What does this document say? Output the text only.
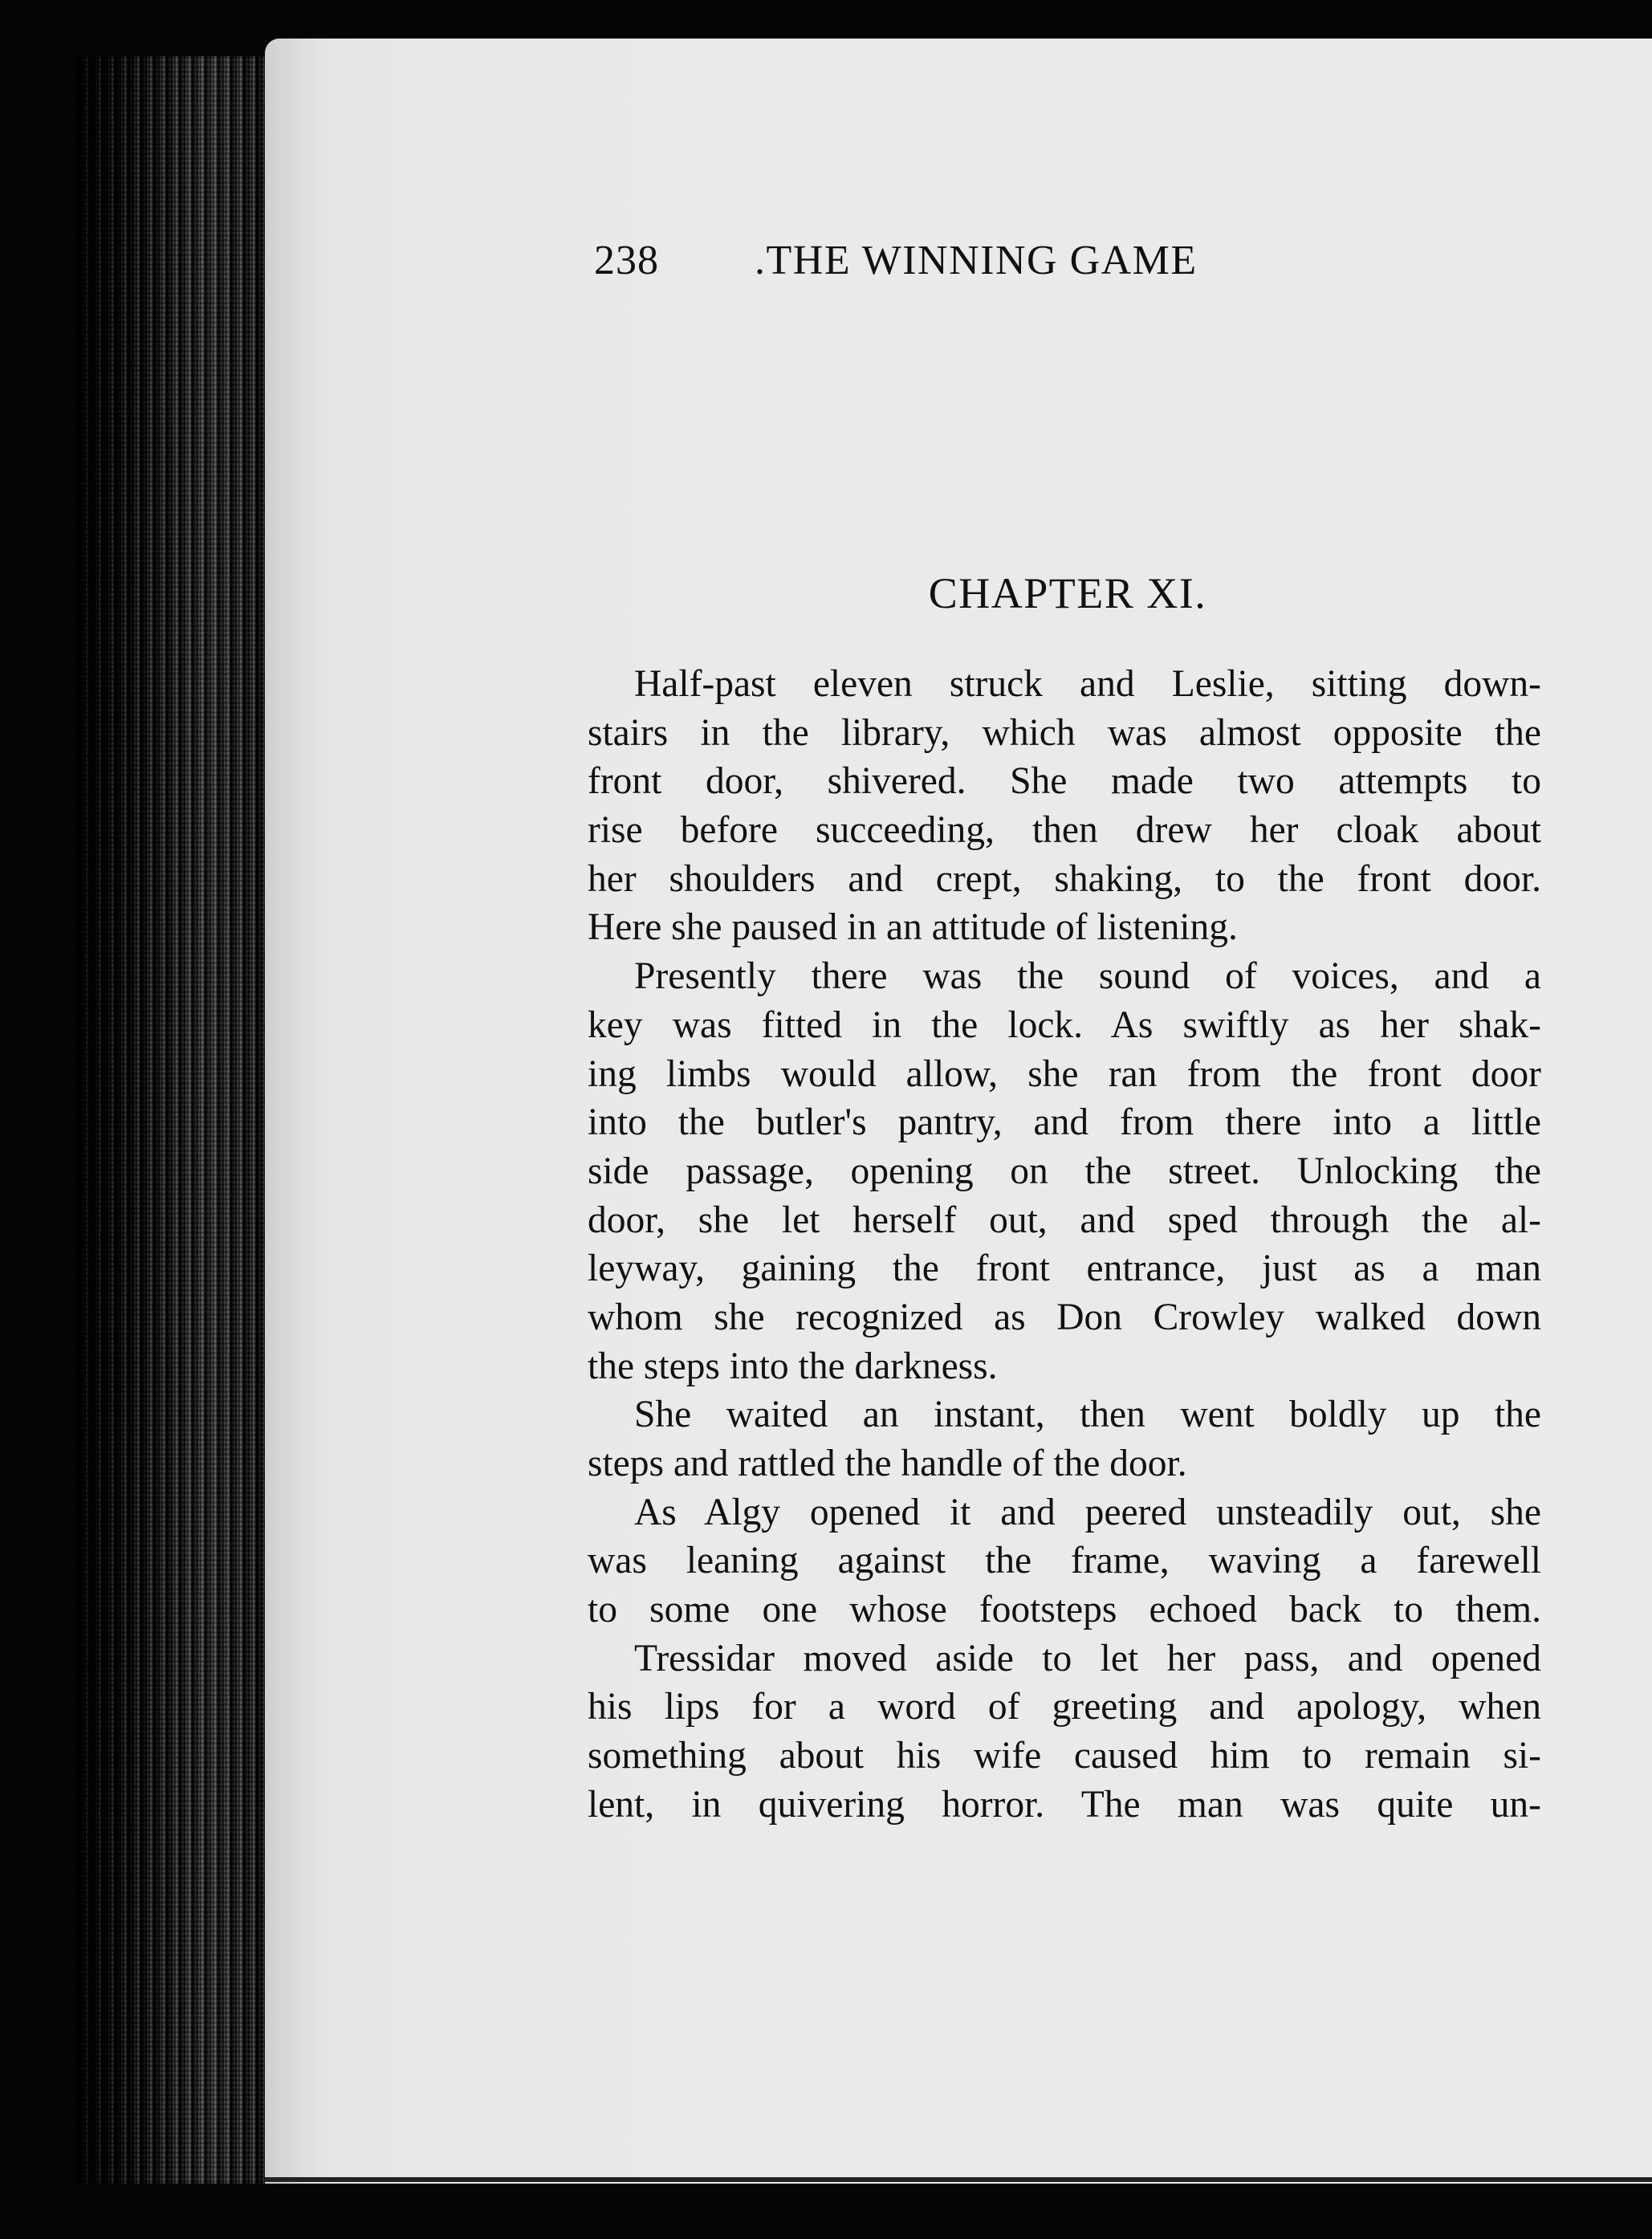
238 .THE WINNING GAME
CHAPTER XI.
Half-past eleven struck and Leslie, sitting down-
stairs in the library, which was almost opposite the
front door, shivered. She made two attempts to
rise before succeeding, then drew her cloak about
her shoulders and crept, shaking, to the front door.
Here she paused in an attitude of listening.
Presently there was the sound of voices, and a
key was fitted in the lock. As swiftly as her shak-
ing limbs would allow, she ran from the front door
into the butler's pantry, and from there into a little
side passage, opening on the street. Unlocking the
door, she let herself out, and sped through the al-
leyway, gaining the front entrance, just as a man
whom she recognized as Don Crowley walked down
the steps into the darkness.
She waited an instant, then went boldly up the
steps and rattled the handle of the door.
As Algy opened it and peered unsteadily out, she
was leaning against the frame, waving a farewell
to some one whose footsteps echoed back to them.
Tressidar moved aside to let her pass, and opened
his lips for a word of greeting and apology, when
something about his wife caused him to remain si-
lent, in quivering horror. The man was quite un-
